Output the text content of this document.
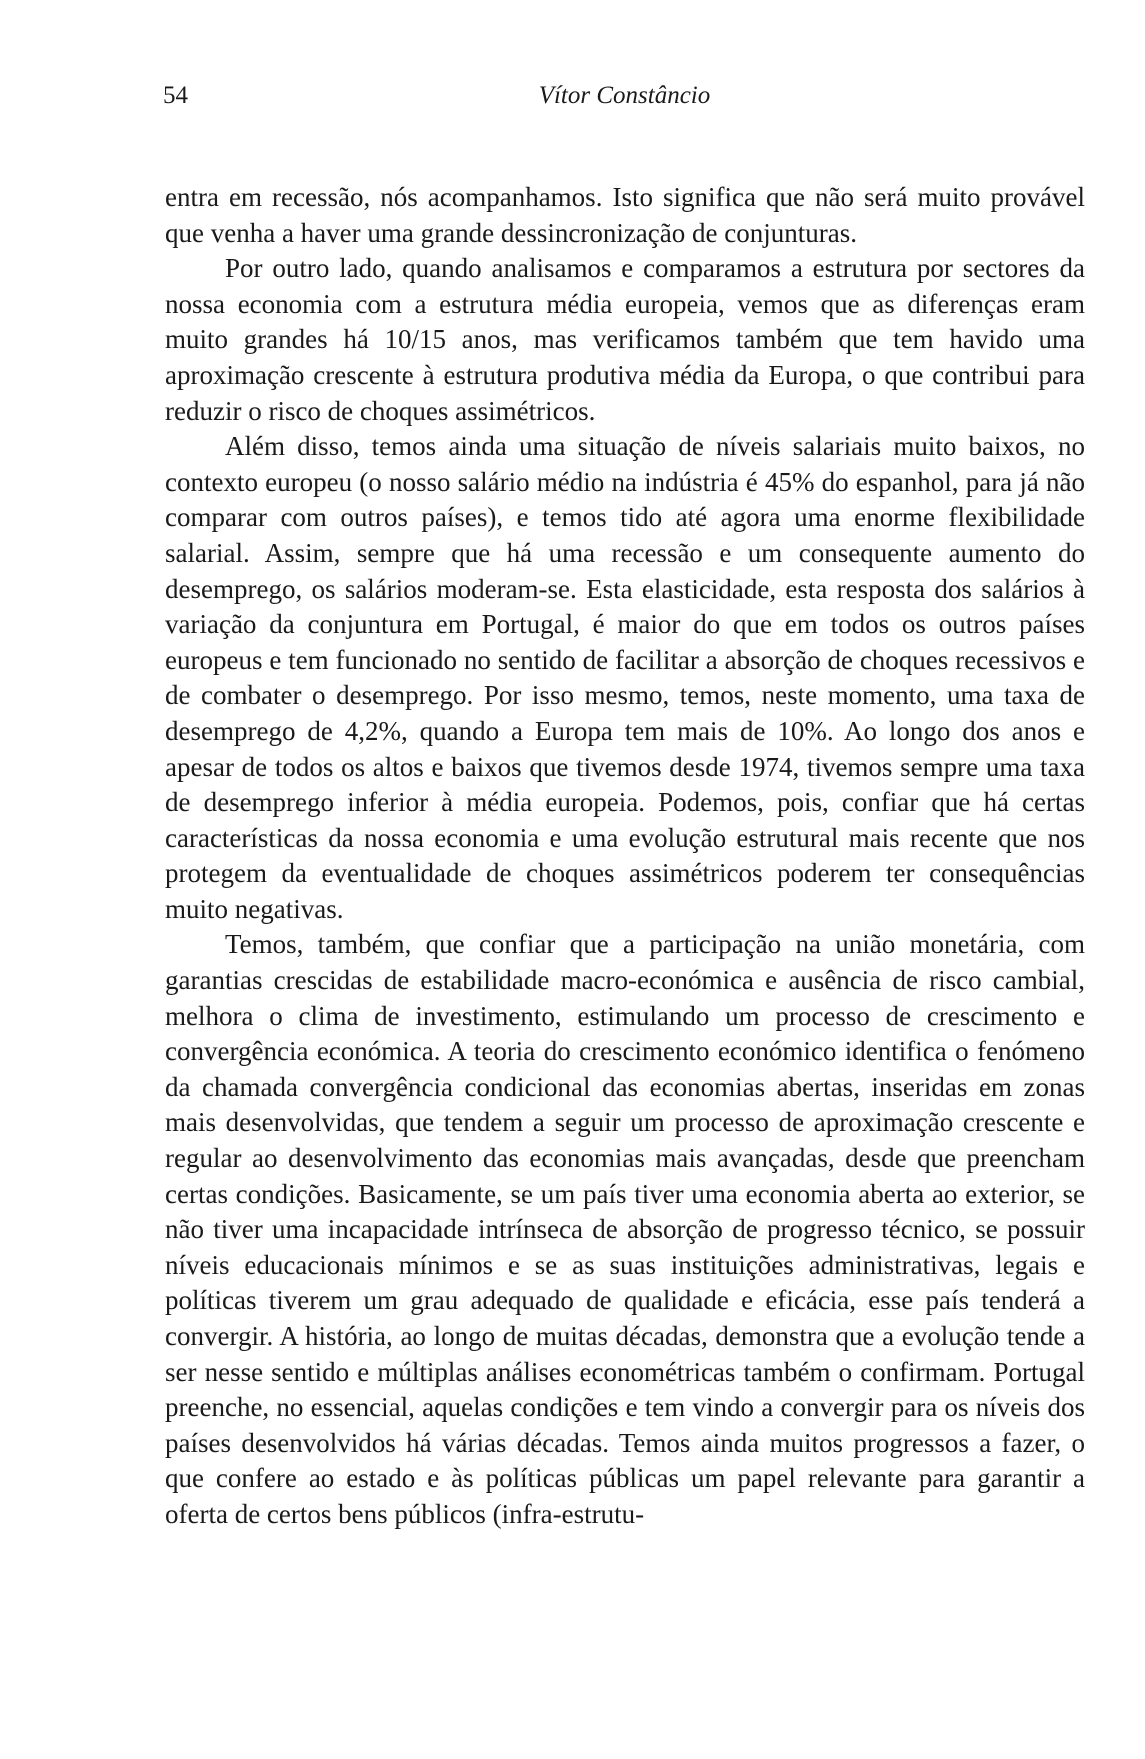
54	Vítor Constâncio

entra em recessão, nós acompanhamos. Isto significa que não será muito provável que venha a haver uma grande dessincronização de conjunturas.

Por outro lado, quando analisamos e comparamos a estrutura por sectores da nossa economia com a estrutura média europeia, vemos que as diferenças eram muito grandes há 10/15 anos, mas verificamos também que tem havido uma aproximação crescente à estrutura produtiva média da Europa, o que contribui para reduzir o risco de choques assimétricos.

Além disso, temos ainda uma situação de níveis salariais muito baixos, no contexto europeu (o nosso salário médio na indústria é 45% do espanhol, para já não comparar com outros países), e temos tido até agora uma enorme flexibilidade salarial. Assim, sempre que há uma recessão e um consequente aumento do desemprego, os salários moderam-se. Esta elasticidade, esta resposta dos salários à variação da conjuntura em Portugal, é maior do que em todos os outros países europeus e tem funcionado no sentido de facilitar a absorção de choques recessivos e de combater o desemprego. Por isso mesmo, temos, neste momento, uma taxa de desemprego de 4,2%, quando a Europa tem mais de 10%. Ao longo dos anos e apesar de todos os altos e baixos que tivemos desde 1974, tivemos sempre uma taxa de desemprego inferior à média europeia. Podemos, pois, confiar que há certas características da nossa economia e uma evolução estrutural mais recente que nos protegem da eventualidade de choques assimétricos poderem ter consequências muito negativas.

Temos, também, que confiar que a participação na união monetária, com garantias crescidas de estabilidade macro-económica e ausência de risco cambial, melhora o clima de investimento, estimulando um processo de crescimento e convergência económica. A teoria do crescimento económico identifica o fenómeno da chamada convergência condicional das economias abertas, inseridas em zonas mais desenvolvidas, que tendem a seguir um processo de aproximação crescente e regular ao desenvolvimento das economias mais avançadas, desde que preencham certas condições. Basicamente, se um país tiver uma economia aberta ao exterior, se não tiver uma incapacidade intrínseca de absorção de progresso técnico, se possuir níveis educacionais mínimos e se as suas instituições administrativas, legais e políticas tiverem um grau adequado de qualidade e eficácia, esse país tenderá a convergir. A história, ao longo de muitas décadas, demonstra que a evolução tende a ser nesse sentido e múltiplas análises econométricas também o confirmam. Portugal preenche, no essencial, aquelas condições e tem vindo a convergir para os níveis dos países desenvolvidos há várias décadas. Temos ainda muitos progressos a fazer, o que confere ao estado e às políticas públicas um papel relevante para garantir a oferta de certos bens públicos (infra-estrutu-
